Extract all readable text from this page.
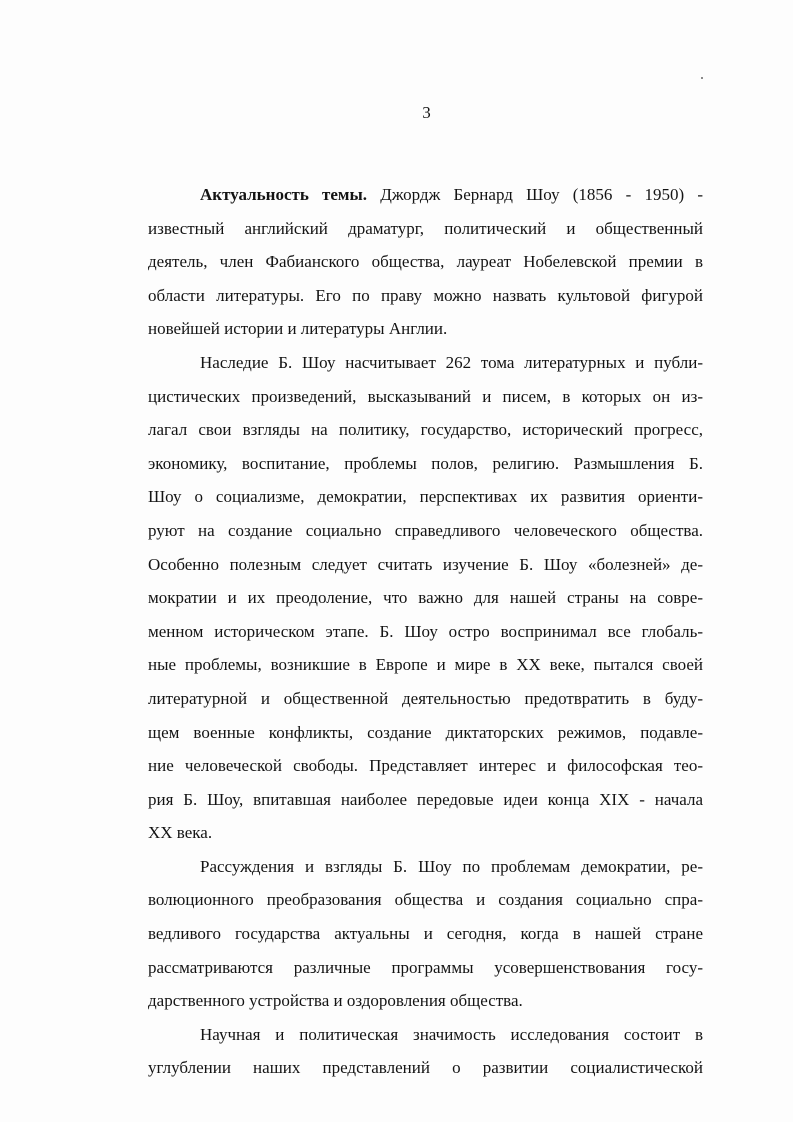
3
Актуальность темы. Джордж Бернард Шоу (1856 - 1950) -
известный английский драматург, политический и общественный
деятель, член Фабианского общества, лауреат Нобелевской премии в
области литературы. Его по праву можно назвать культовой фигурой
новейшей истории и литературы Англии.
Наследие Б. Шоу насчитывает 262 тома литературных и публи-
цистических произведений, высказываний и писем, в которых он из-
лагал свои взгляды на политику, государство, исторический прогресс,
экономику, воспитание, проблемы полов, религию. Размышления Б.
Шоу о социализме, демократии, перспективах их развития ориенти-
руют на создание социально справедливого человеческого общества.
Особенно полезным следует считать изучение Б. Шоу «болезней» де-
мократии и их преодоление, что важно для нашей страны на совре-
менном историческом этапе. Б. Шоу остро воспринимал все глобаль-
ные проблемы, возникшие в Европе и мире в XX веке, пытался своей
литературной и общественной деятельностью предотвратить в буду-
щем военные конфликты, создание диктаторских режимов, подавле-
ние человеческой свободы. Представляет интерес и философская тео-
рия Б. Шоу, впитавшая наиболее передовые идеи конца XIX - начала
XX века.
Рассуждения и взгляды Б. Шоу по проблемам демократии, ре-
волюционного преобразования общества и создания социально спра-
ведливого государства актуальны и сегодня, когда в нашей стране
рассматриваются различные программы усовершенствования госу-
дарственного устройства и оздоровления общества.
Научная и политическая значимость исследования состоит в
углублении наших представлений о развитии социалистической
